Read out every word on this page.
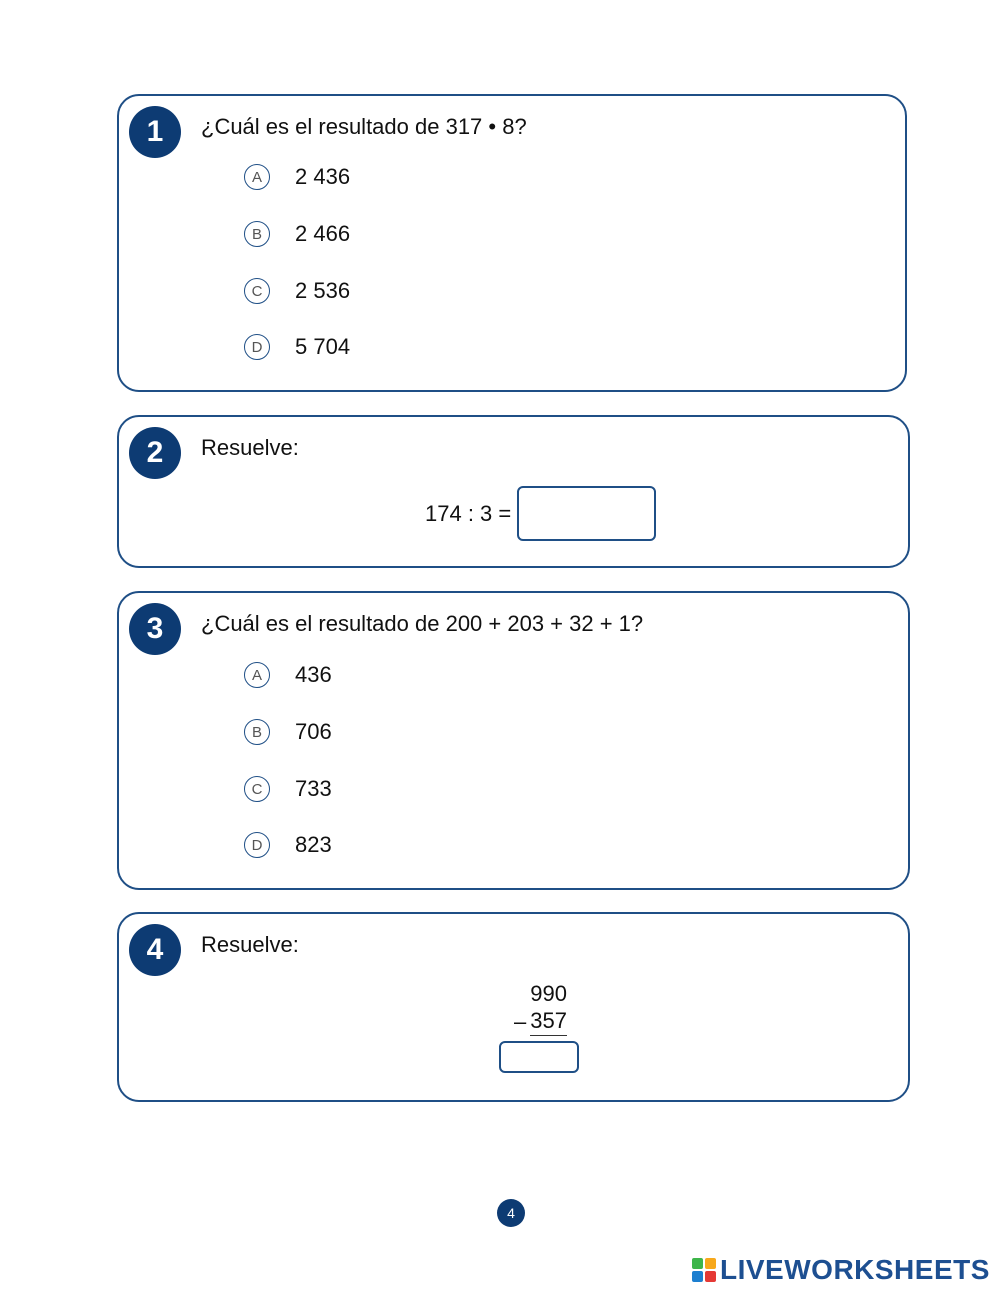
1	¿Cuál es el resultado de 317 • 8?
A	2 436
B	2 466
C	2 536
D	5 704
2	Resuelve:
174 : 3 =
3	¿Cuál es el resultado de 200 + 203 + 32 + 1?
A	436
B	706
C	733
D	823
4	Resuelve:
990
– 357
4
LIVEWORKSHEETS
